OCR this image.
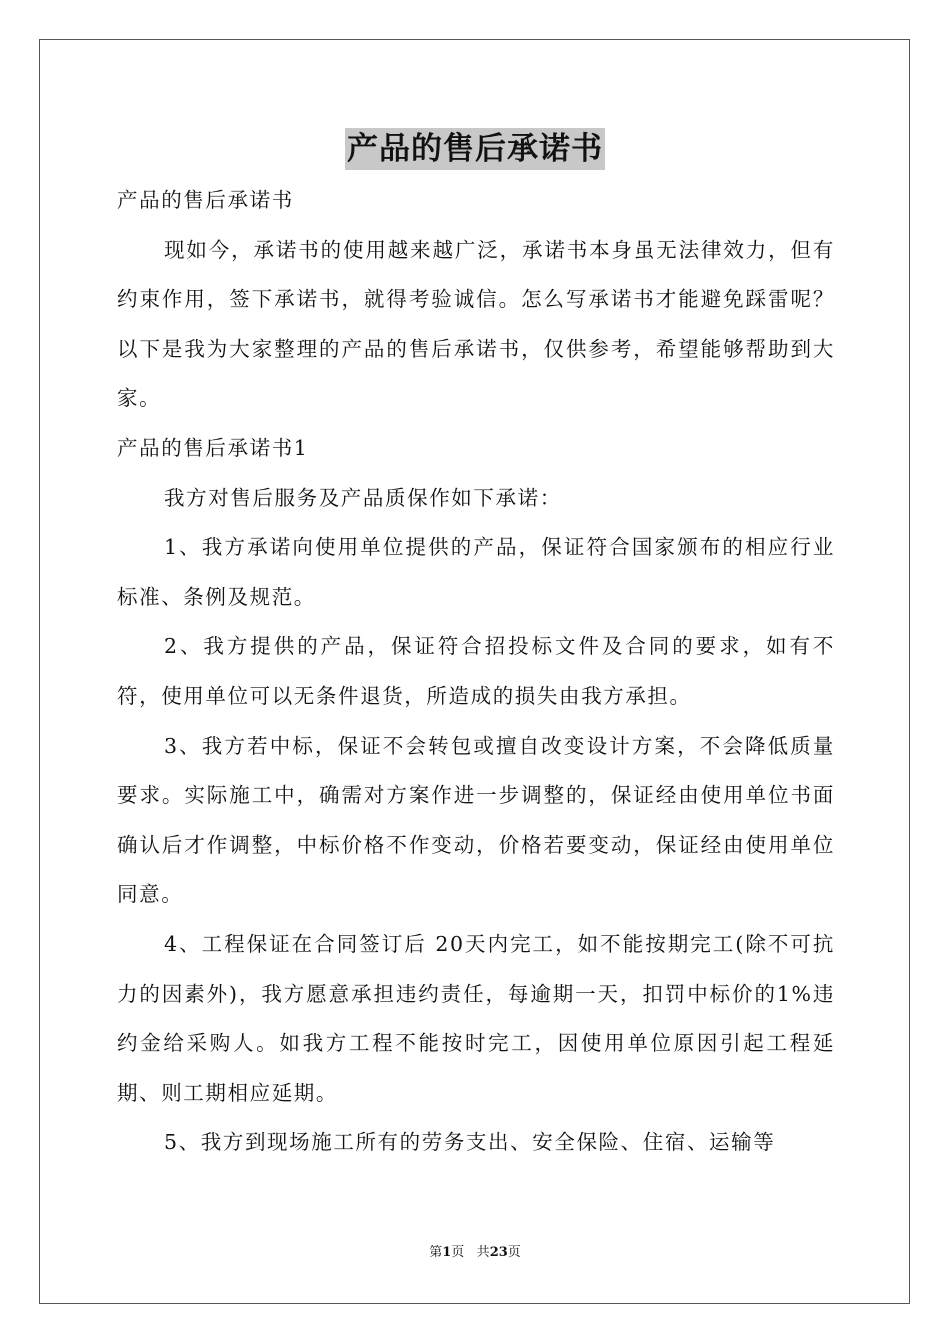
产品的售后承诺书

产品的售后承诺书

现如今，承诺书的使用越来越广泛，承诺书本身虽无法律效力，但有约束作用，签下承诺书，就得考验诚信。怎么写承诺书才能避免踩雷呢？以下是我为大家整理的产品的售后承诺书，仅供参考，希望能够帮助到大家。

产品的售后承诺书1

我方对售后服务及产品质保作如下承诺：

1、我方承诺向使用单位提供的产品，保证符合国家颁布的相应行业标准、条例及规范。

2、我方提供的产品，保证符合招投标文件及合同的要求，如有不符，使用单位可以无条件退货，所造成的损失由我方承担。

3、我方若中标，保证不会转包或擅自改变设计方案，不会降低质量要求。实际施工中，确需对方案作进一步调整的，保证经由使用单位书面确认后才作调整，中标价格不作变动，价格若要变动，保证经由使用单位同意。

4、工程保证在合同签订后 20天内完工，如不能按期完工(除不可抗力的因素外)，我方愿意承担违约责任，每逾期一天，扣罚中标价的1%违约金给采购人。如我方工程不能按时完工，因使用单位原因引起工程延期、则工期相应延期。

5、我方到现场施工所有的劳务支出、安全保险、住宿、运输等

第1页 共23页
